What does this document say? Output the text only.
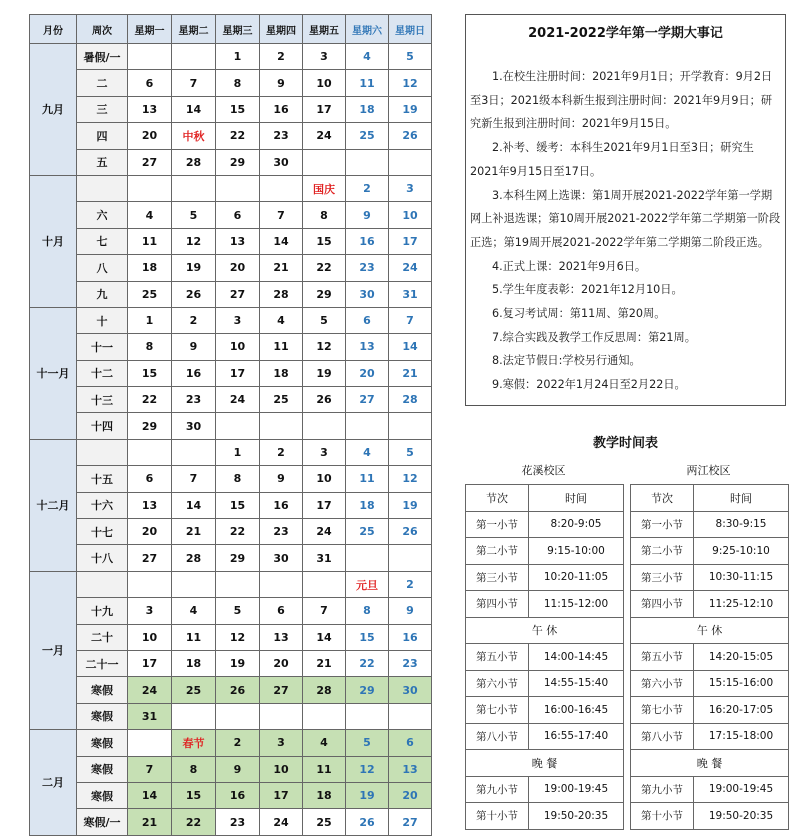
月份	周次	星期一	星期二	星期三	星期四	星期五	星期六	星期日
九月	暑假/一			1	2	3	4	5
	二	6	7	8	9	10	11	12
	三	13	14	15	16	17	18	19
	四	20	中秋	22	23	24	25	26
	五	27	28	29	30			
十月						国庆	2	3
	六	4	5	6	7	8	9	10
	七	11	12	13	14	15	16	17
	八	18	19	20	21	22	23	24
	九	25	26	27	28	29	30	31
十一月	十	1	2	3	4	5	6	7
	十一	8	9	10	11	12	13	14
	十二	15	16	17	18	19	20	21
	十三	22	23	24	25	26	27	28
	十四	29	30					
十二月				1	2	3	4	5
	十五	6	7	8	9	10	11	12
	十六	13	14	15	16	17	18	19
	十七	20	21	22	23	24	25	26
	十八	27	28	29	30	31		
一月							元旦	2
	十九	3	4	5	6	7	8	9
	二十	10	11	12	13	14	15	16
	二十一	17	18	19	20	21	22	23
	寒假	24	25	26	27	28	29	30
	寒假	31						
二月	寒假		春节	2	3	4	5	6
	寒假	7	8	9	10	11	12	13
	寒假	14	15	16	17	18	19	20
	寒假/一	21	22	23	24	25	26	27
2021-2022学年第一学期大事记

1.在校生注册时间：2021年9月1日；开学教育：9月2日至3日；2021级本科新生报到注册时间：2021年9月9日；研究新生报到注册时间：2021年9月15日。

2.补考、缓考：本科生2021年9月1日至3日；研究生2021年9月15日至17日。

3.本科生网上选课：第1周开展2021-2022学年第一学期网上补退选课；第10周开展2021-2022学年第二学期第一阶段正选；第19周开展2021-2022学年第二学期第二阶段正选。

4.正式上课：2021年9月6日。

5.学生年度表彰：2021年12月10日。

6.复习考试周：第11周、第20周。

7.综合实践及教学工作反思周：第21周。

8.法定节假日:学校另行通知。

9.寒假：2022年1月24日至2月22日。

教学时间表
花溪校区	两江校区
节次	时间
第一小节	8:20-9:05
第二小节	9:15-10:00
第三小节	10:20-11:05
第四小节	11:15-12:00
午 休	
第五小节	14:00-14:45
第六小节	14:55-15:40
第七小节	16:00-16:45
第八小节	16:55-17:40
晚 餐	
第九小节	19:00-19:45
第十小节	19:50-20:35
节次	时间
第一小节	8:30-9:15
第二小节	9:25-10:10
第三小节	10:30-11:15
第四小节	11:25-12:10
午 休	
第五小节	14:20-15:05
第六小节	15:15-16:00
第七小节	16:20-17:05
第八小节	17:15-18:00
晚 餐	
第九小节	19:00-19:45
第十小节	19:50-20:35
